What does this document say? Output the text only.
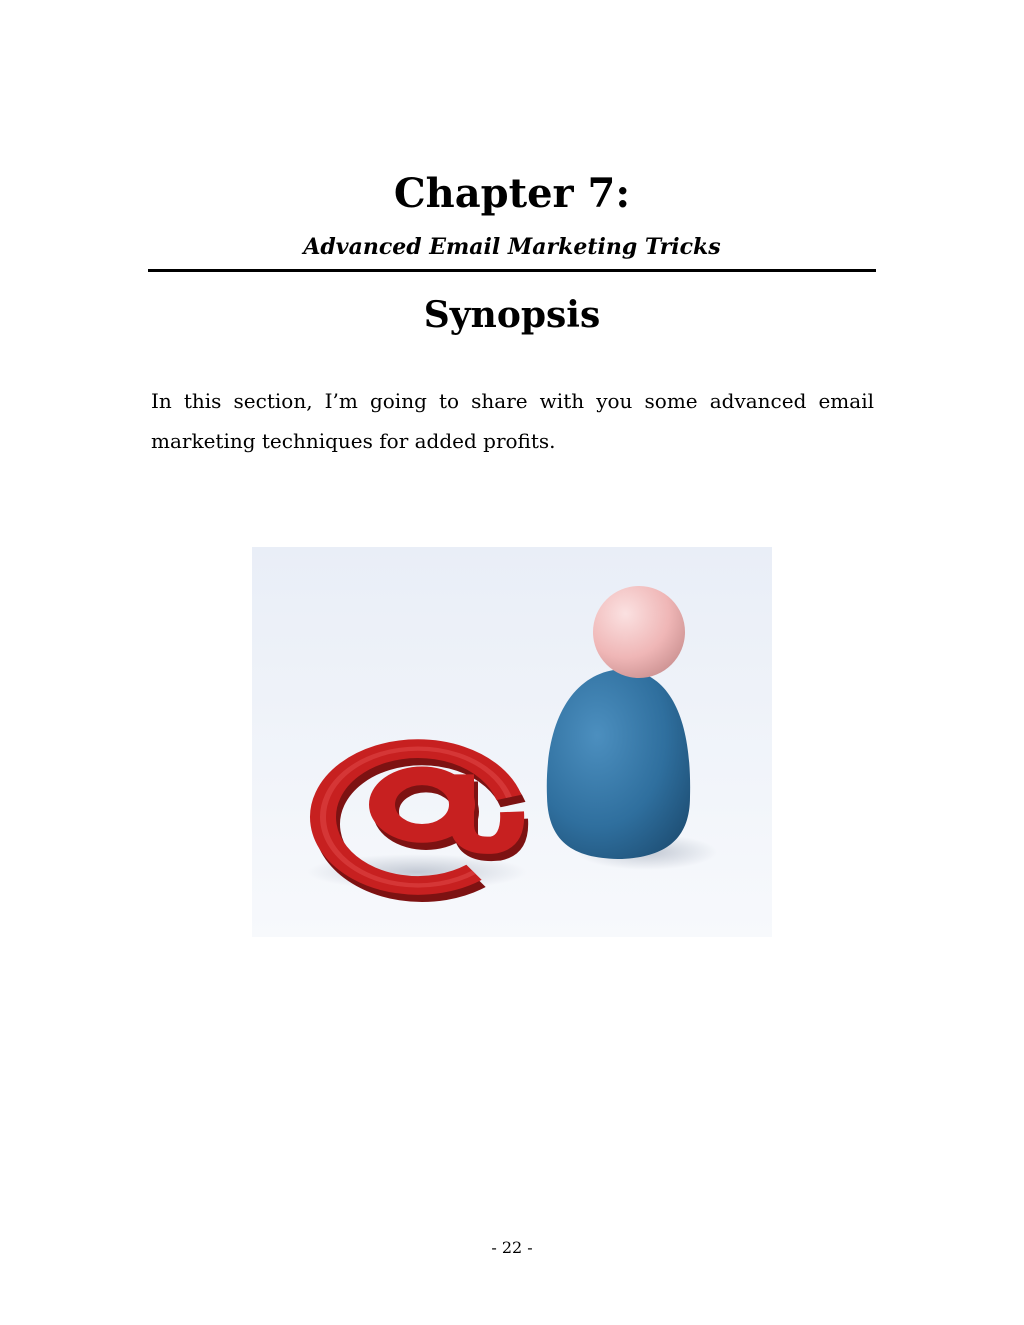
Chapter 7:
Advanced Email Marketing Tricks
Synopsis

In this section, I’m going to share with you some advanced email marketing techniques for added profits.

- 22 -
